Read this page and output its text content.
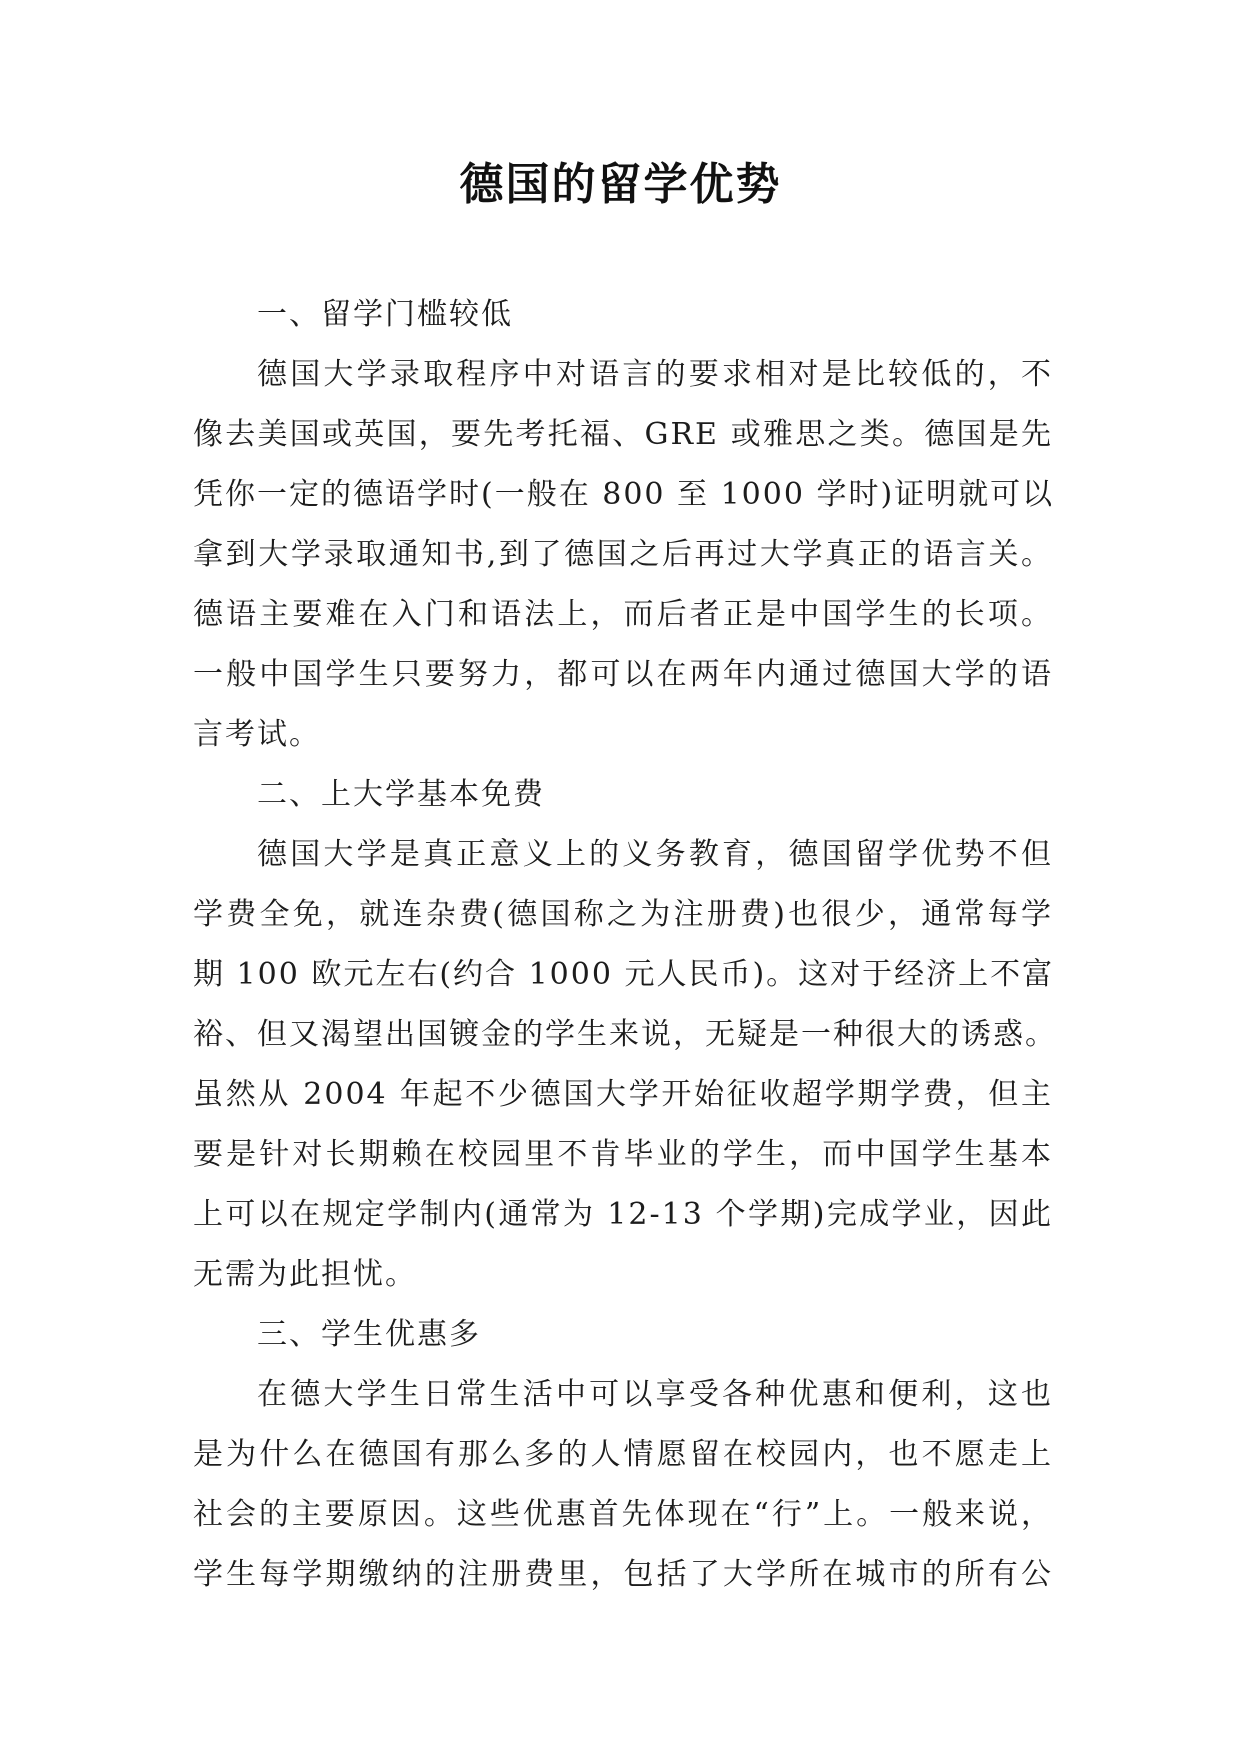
德国的留学优势
一、留学门槛较低
德国大学录取程序中对语言的要求相对是比较低的，不
像去美国或英国，要先考托福、GRE 或雅思之类。德国是先
凭你一定的德语学时(一般在 800 至 1000 学时)证明就可以
拿到大学录取通知书,到了德国之后再过大学真正的语言关。
德语主要难在入门和语法上，而后者正是中国学生的长项。
一般中国学生只要努力，都可以在两年内通过德国大学的语
言考试。
二、上大学基本免费
德国大学是真正意义上的义务教育，德国留学优势不但
学费全免，就连杂费(德国称之为注册费)也很少，通常每学
期 100 欧元左右(约合 1000 元人民币)。这对于经济上不富
裕、但又渴望出国镀金的学生来说，无疑是一种很大的诱惑。
虽然从 2004 年起不少德国大学开始征收超学期学费，但主
要是针对长期赖在校园里不肯毕业的学生，而中国学生基本
上可以在规定学制内(通常为 12-13 个学期)完成学业，因此
无需为此担忧。
三、学生优惠多
在德大学生日常生活中可以享受各种优惠和便利，这也
是为什么在德国有那么多的人情愿留在校园内，也不愿走上
社会的主要原因。这些优惠首先体现在“行”上。一般来说，
学生每学期缴纳的注册费里，包括了大学所在城市的所有公
